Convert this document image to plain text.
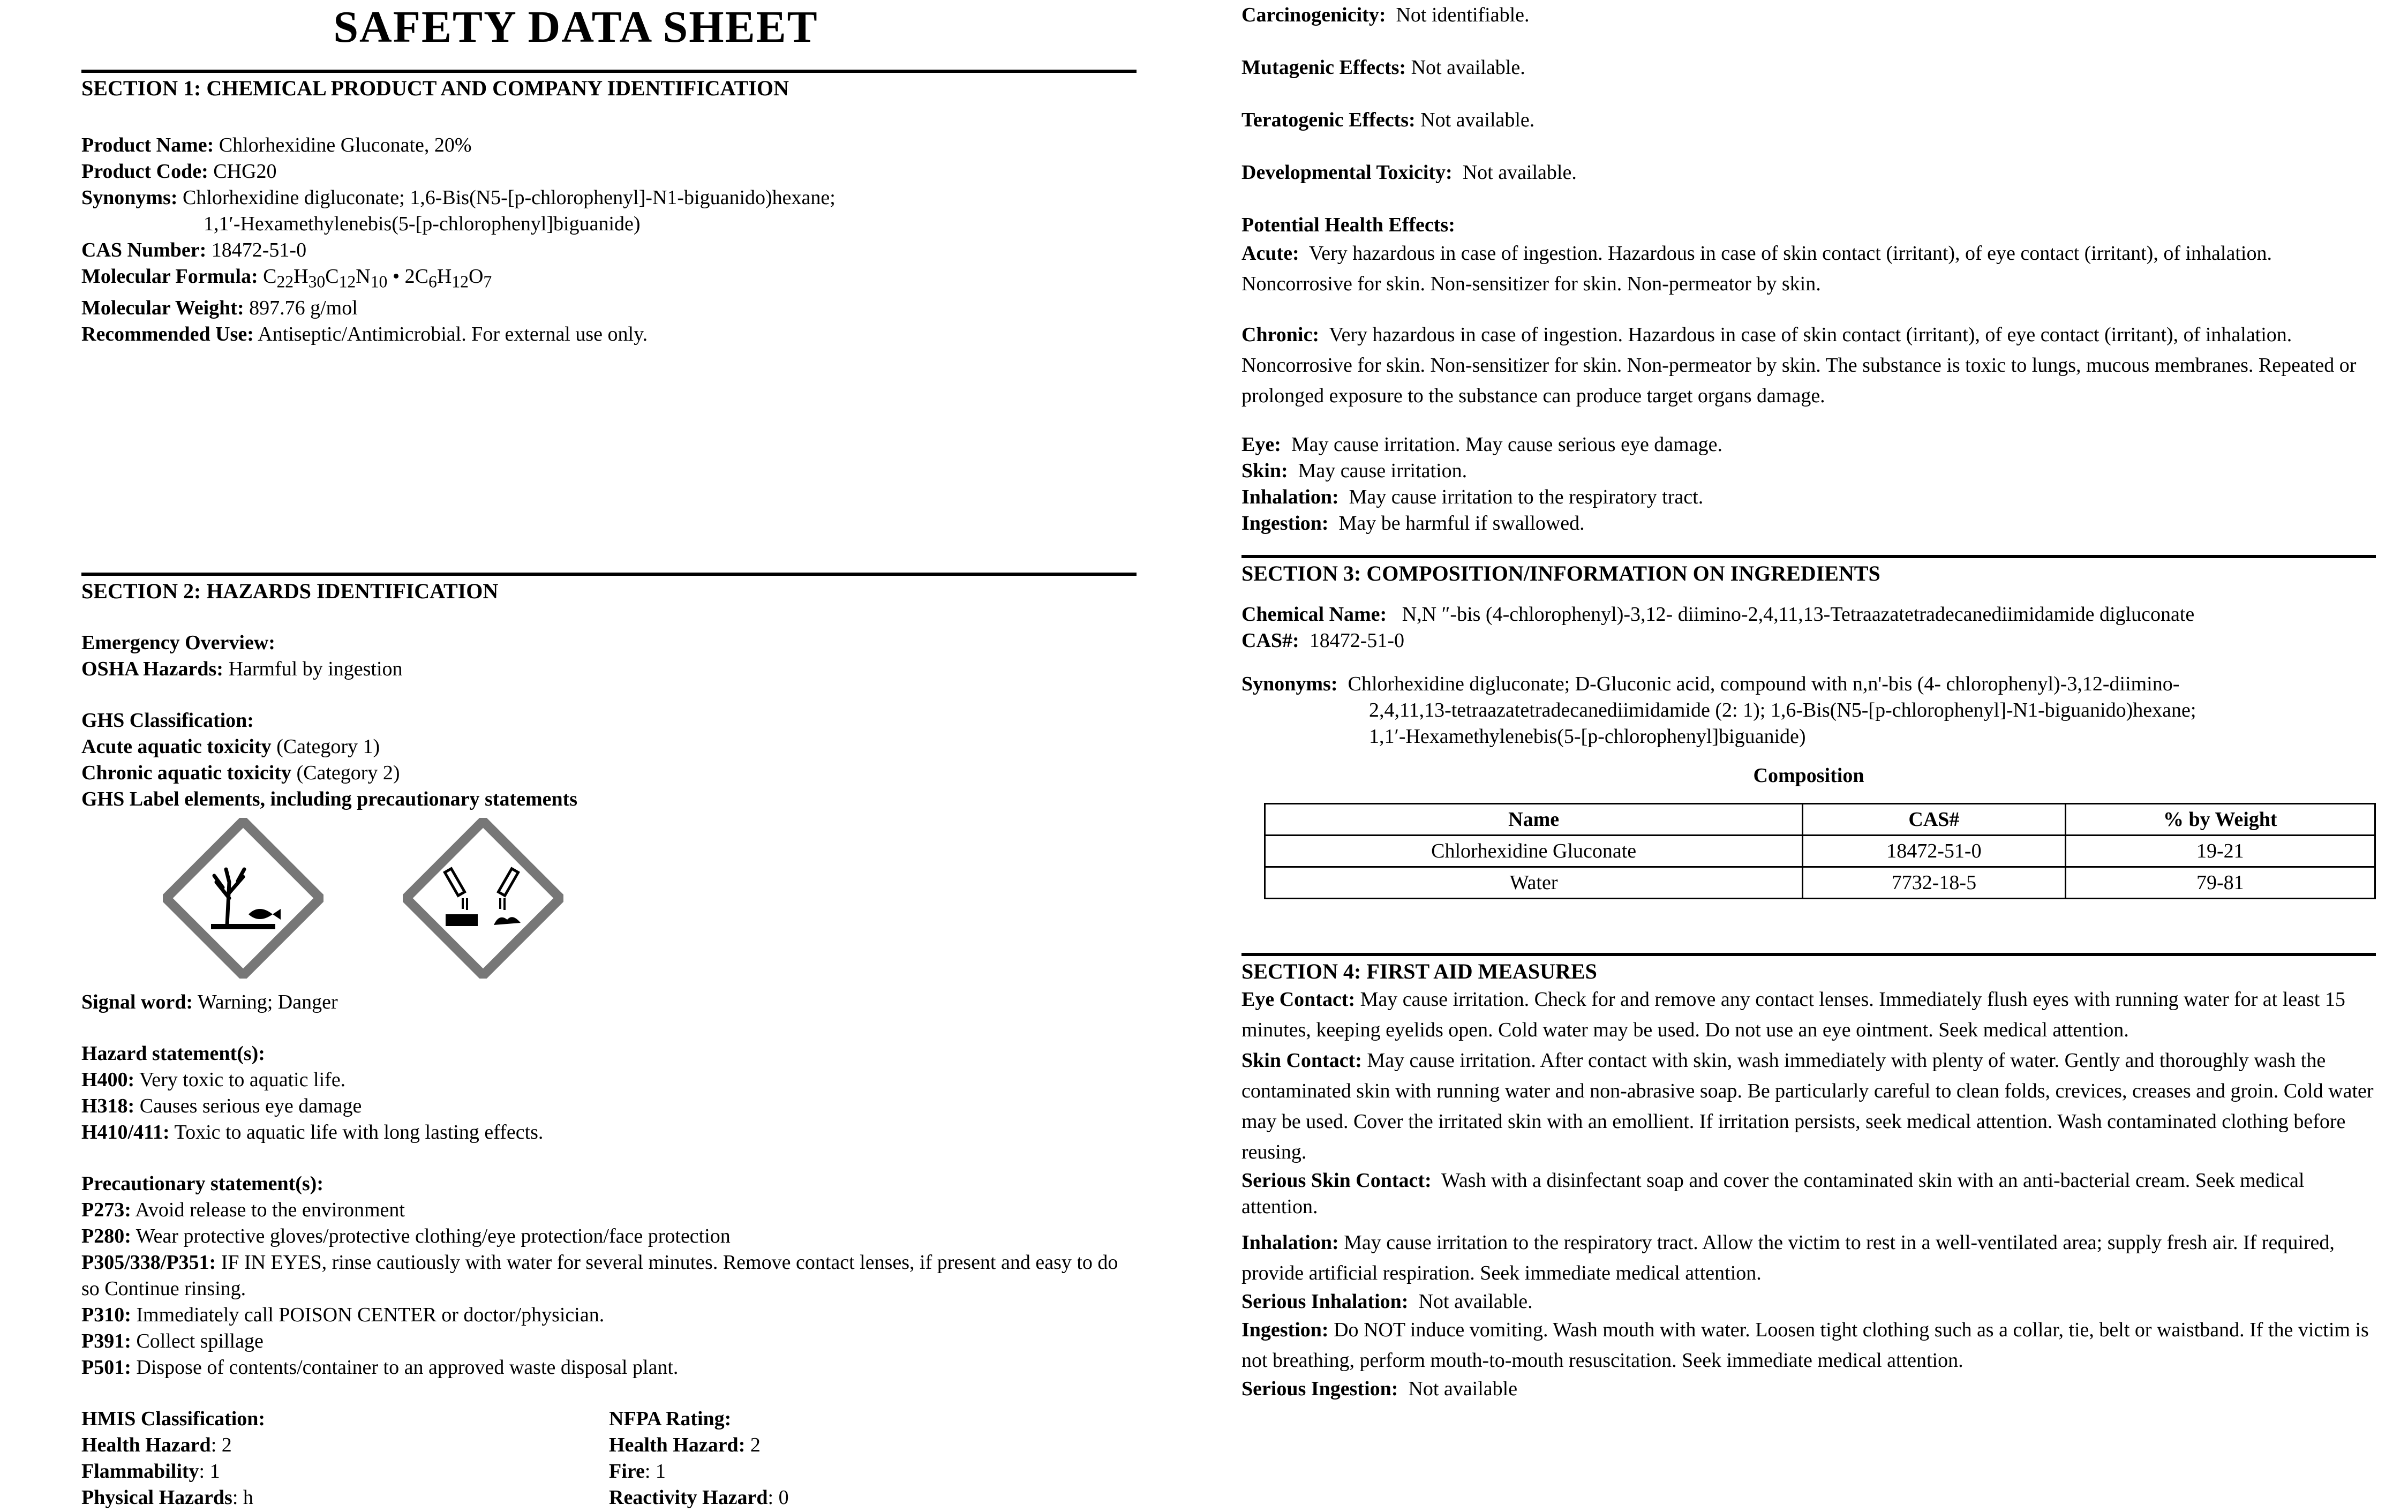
SAFETY DATA SHEET

SECTION 1: CHEMICAL PRODUCT AND COMPANY IDENTIFICATION

Product Name: Chlorhexidine Gluconate, 20%

Product Code: CHG20

Synonyms: Chlorhexidine digluconate; 1,6-Bis(N5-[p-chlorophenyl]-N1-biguanido)hexane;

1,1′-Hexamethylenebis(5-[p-chlorophenyl]biguanide)

CAS Number: 18472-51-0

Molecular Formula: $C_{22}H_{30}C_{12}N_{10}$ • $2C_6H_{12}O_7$

Molecular Weight: 897.76 g/mol

Recommended Use: Antiseptic/Antimicrobial. For external use only.

SECTION 2: HAZARDS IDENTIFICATION

Emergency Overview:

OSHA Hazards: Harmful by ingestion

GHS Classification:

Acute aquatic toxicity (Category 1)

Chronic aquatic toxicity (Category 2)

GHS Label elements, including precautionary statements

Signal word: Warning; Danger

Hazard statement(s):

H400: Very toxic to aquatic life.

H318: Causes serious eye damage

H410/411: Toxic to aquatic life with long lasting effects.

Precautionary statement(s):

P273: Avoid release to the environment

P280: Wear protective gloves/protective clothing/eye protection/face protection

P305/338/P351: IF IN EYES, rinse cautiously with water for several minutes. Remove contact lenses, if present and easy to do so Continue rinsing.

P310: Immediately call POISON CENTER or doctor/physician.

P391: Collect spillage

P501: Dispose of contents/container to an approved waste disposal plant.

HMIS Classification:

Health Hazard: 2

Flammability: 1

Physical Hazards: h

NFPA Rating:

Health Hazard: 2

Fire: 1

Reactivity Hazard: 0

Carcinogenicity: Not identifiable.

Mutagenic Effects: Not available.

Teratogenic Effects: Not available.

Developmental Toxicity: Not available.

Potential Health Effects:

Acute: Very hazardous in case of ingestion. Hazardous in case of skin contact (irritant), of eye contact (irritant), of inhalation. Noncorrosive for skin. Non-sensitizer for skin. Non-permeator by skin.

Chronic: Very hazardous in case of ingestion. Hazardous in case of skin contact (irritant), of eye contact (irritant), of inhalation. Noncorrosive for skin. Non-sensitizer for skin. Non-permeator by skin. The substance is toxic to lungs, mucous membranes. Repeated or prolonged exposure to the substance can produce target organs damage.

Eye: May cause irritation. May cause serious eye damage.

Skin: May cause irritation.

Inhalation: May cause irritation to the respiratory tract.

Ingestion: May be harmful if swallowed.

SECTION 3: COMPOSITION/INFORMATION ON INGREDIENTS

Chemical Name: N,N ″-bis (4-chlorophenyl)-3,12- diimino-2,4,11,13-Tetraazatetradecanediimidamide digluconate

CAS#: 18472-51-0

Synonyms: Chlorhexidine digluconate; D-Gluconic acid, compound with n,n'-bis (4- chlorophenyl)-3,12-diimino-

2,4,11,13-tetraazatetradecanediimidamide (2: 1); 1,6-Bis(N5-[p-chlorophenyl]-N1-biguanido)hexane;

1,1′-Hexamethylenebis(5-[p-chlorophenyl]biguanide)

Composition

Name	CAS#	% by Weight
Chlorhexidine Gluconate	18472-51-0	19-21
Water	7732-18-5	79-81

SECTION 4: FIRST AID MEASURES

Eye Contact: May cause irritation. Check for and remove any contact lenses. Immediately flush eyes with running water for at least 15 minutes, keeping eyelids open. Cold water may be used. Do not use an eye ointment. Seek medical attention.

Skin Contact: May cause irritation. After contact with skin, wash immediately with plenty of water. Gently and thoroughly wash the contaminated skin with running water and non-abrasive soap. Be particularly careful to clean folds, crevices, creases and groin. Cold water may be used. Cover the irritated skin with an emollient. If irritation persists, seek medical attention. Wash contaminated clothing before reusing.

Serious Skin Contact: Wash with a disinfectant soap and cover the contaminated skin with an anti-bacterial cream. Seek medical attention.

Inhalation: May cause irritation to the respiratory tract. Allow the victim to rest in a well-ventilated area; supply fresh air. If required, provide artificial respiration. Seek immediate medical attention.

Serious Inhalation: Not available.

Ingestion: Do NOT induce vomiting. Wash mouth with water. Loosen tight clothing such as a collar, tie, belt or waistband. If the victim is not breathing, perform mouth-to-mouth resuscitation. Seek immediate medical attention.

Serious Ingestion: Not available
